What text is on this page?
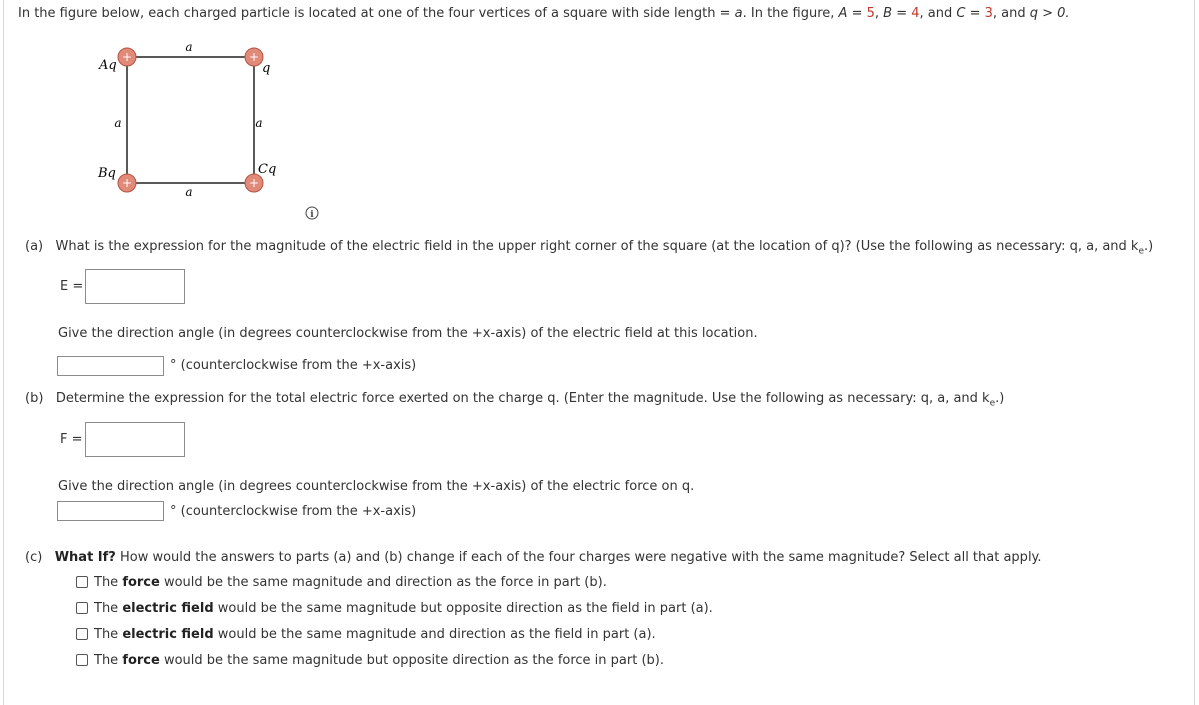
In the figure below, each charged particle is located at one of the four vertices of a square with side length = a. In the figure, A = 5, B = 4, and C = 3, and q > 0.
a
a	a
a
Aq	q
Bq	Cq
+	+
+	+
i
(a) What is the expression for the magnitude of the electric field in the upper right corner of the square (at the location of q)? (Use the following as necessary: q, a, and $k_e$.)
E =
Give the direction angle (in degrees counterclockwise from the +x-axis) of the electric field at this location.
° (counterclockwise from the +x-axis)
(b) Determine the expression for the total electric force exerted on the charge q. (Enter the magnitude. Use the following as necessary: q, a, and $k_e$.)
F =
Give the direction angle (in degrees counterclockwise from the +x-axis) of the electric force on q.
° (counterclockwise from the +x-axis)
(c) What If? How would the answers to parts (a) and (b) change if each of the four charges were negative with the same magnitude? Select all that apply.
The force would be the same magnitude and direction as the force in part (b).
The electric field would be the same magnitude but opposite direction as the field in part (a).
The electric field would be the same magnitude and direction as the field in part (a).
The force would be the same magnitude but opposite direction as the force in part (b).
